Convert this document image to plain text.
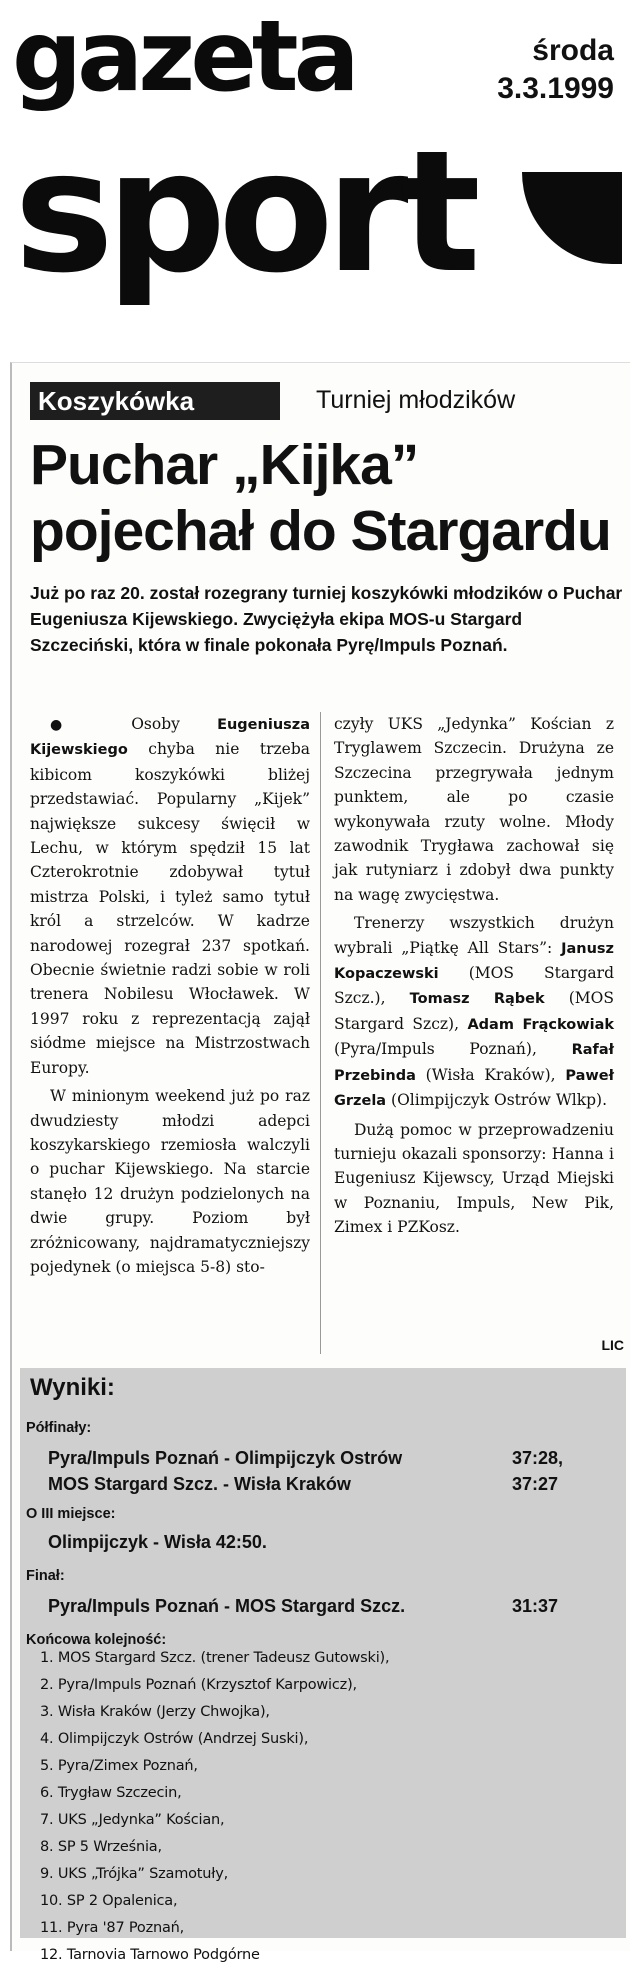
gazeta
sport
środa
3.3.1999
Koszykówka	Turniej młodzików
Puchar „Kijka”
pojechał do Stargardu
Już po raz 20. został rozegrany turniej koszykówki młodzików o Puchar Eugeniusza Kijewskiego. Zwyciężyła ekipa MOS-u Stargard Szczeciński, która w finale pokonała Pyrę/Impuls Poznań.

● Osoby Eugeniusza Kijewskiego chyba nie trzeba kibicom koszykówki bliżej przedstawiać. Popularny „Kijek” największe sukcesy święcił w Lechu, w którym spędził 15 lat Czterokrotnie zdobywał tytuł mistrza Polski, i tyleż samo tytuł król a strzelców. W kadrze narodowej rozegrał 237 spotkań. Obecnie świetnie radzi sobie w roli trenera Nobilesu Włocławek. W 1997 roku z reprezentacją zajął siódme miejsce na Mistrzostwach Europy.

W minionym weekend już po raz dwudziesty młodzi adepci koszykarskiego rzemiosła walczyli o puchar Kijewskiego. Na starcie stanęło 12 drużyn podzielonych na dwie grupy. Poziom był zróżnicowany, najdramatyczniejszy pojedynek (o miejsca 5-8) sto-

czyły UKS „Jedynka” Kościan z Tryglawem Szczecin. Drużyna ze Szczecina przegrywała jednym punktem, ale po czasie wykonywała rzuty wolne. Młody zawodnik Trygława zachował się jak rutyniarz i zdobył dwa punkty na wagę zwycięstwa.

Trenerzy wszystkich drużyn wybrali „Piątkę All Stars”: Janusz Kopaczewski (MOS Stargard Szcz.), Tomasz Rąbek (MOS Stargard Szcz), Adam Frąckowiak (Pyra/Impuls Poznań), Rafał Przebinda (Wisła Kraków), Paweł Grzela (Olimpijczyk Ostrów Wlkp).

Dużą pomoc w przeprowadzeniu turnieju okazali sponsorzy: Hanna i Eugeniusz Kijewscy, Urząd Miejski w Poznaniu, Impuls, New Pik, Zimex i PZKosz.

LIC
Wyniki:
Półfinały:
Pyra/Impuls Poznań - Olimpijczyk Ostrów	37:28,
MOS Stargard Szcz. - Wisła Kraków	37:27
O III miejsce:
Olimpijczyk - Wisła 42:50.
Finał:
Pyra/Impuls Poznań - MOS Stargard Szcz.	31:37
Końcowa kolejność:
1. MOS Stargard Szcz. (trener Tadeusz Gutowski),
2. Pyra/Impuls Poznań (Krzysztof Karpowicz),
3. Wisła Kraków (Jerzy Chwojka),
4. Olimpijczyk Ostrów (Andrzej Suski),
5. Pyra/Zimex Poznań,
6. Trygław Szczecin,
7. UKS „Jedynka” Kościan,
8. SP 5 Września,
9. UKS „Trójka” Szamotuły,
10. SP 2 Opalenica,
11. Pyra '87 Poznań,
12. Tarnovia Tarnowo Podgórne
